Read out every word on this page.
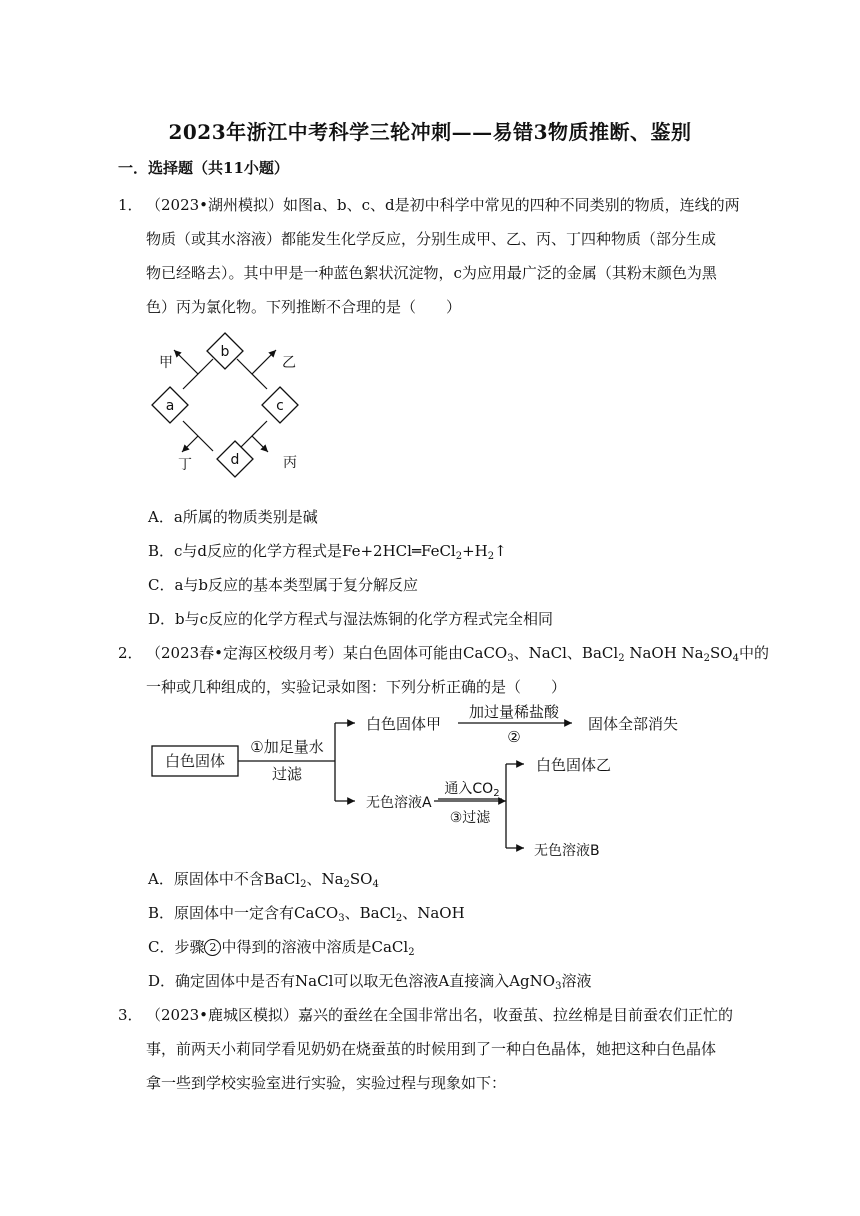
2023年浙江中考科学三轮冲刺——易错3物质推断、鉴别
一．选择题（共11小题）
1． （2023•湖州模拟）如图a、b、c、d是初中科学中常见的四种不同类别的物质，连线的两
物质（或其水溶液）都能发生化学反应，分别生成甲、乙、丙、丁四种物质（部分生成
物已经略去）。其中甲是一种蓝色絮状沉淀物，c为应用最广泛的金属（其粉末颜色为黑
色）丙为氯化物。下列推断不合理的是（　　）
b
a	c
d
甲	乙
丙
丁
A．a所属的物质类别是碱
B．c与d反应的化学方程式是$Fe+2HCl═FeCl_2+H_2↑$
C．a与b反应的基本类型属于复分解反应
D．b与c反应的化学方程式与湿法炼铜的化学方程式完全相同
2． （2023春•定海区校级月考）某白色固体可能由CaCO$_3$、NaCl、BaCl$_2$ NaOH $Na_2SO_4$中的
一种或几种组成的，实验记录如图：下列分析正确的是（　　）
白色固体
①加足量水
过滤
白色固体甲
加过量稀盐酸
②
固体全部消失
无色溶液A
通入$CO_2$
③过滤
白色固体乙
无色溶液B
A．原固体中不含BaCl$_2$、$Na_2SO_4$
B．原固体中一定含有CaCO$_3$、BaCl$_2$、NaOH
C．步骤 2 中得到的溶液中溶质是CaCl$_2$
D．确定固体中是否有NaCl可以取无色溶液A直接滴入AgNO$_3$溶液
3． （2023•鹿城区模拟）嘉兴的蚕丝在全国非常出名，收蚕茧、拉丝棉是目前蚕农们正忙的
事，前两天小莉同学看见奶奶在烧蚕茧的时候用到了一种白色晶体，她把这种白色晶体
拿一些到学校实验室进行实验，实验过程与现象如下：
